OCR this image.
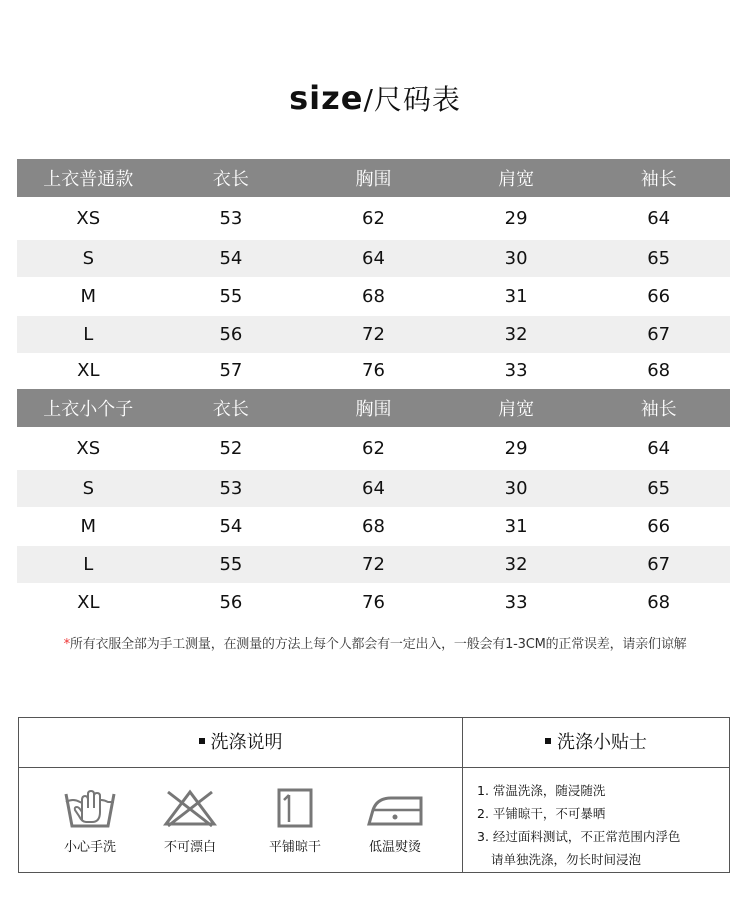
size/尺码表
上衣普通款	衣长	胸围	肩宽	袖长
XS	53	62	29	64
S	54	64	30	65
M	55	68	31	66
L	56	72	32	67
XL	57	76	33	68
上衣小个子	衣长	胸围	肩宽	袖长
XS	52	62	29	64
S	53	64	30	65
M	54	68	31	66
L	55	72	32	67
XL	56	76	33	68
*所有衣服全部为手工测量，在测量的方法上每个人都会有一定出入，一般会有1-3CM的正常误差，请亲们谅解
洗涤说明	洗涤小贴士
小心手洗	不可漂白	平铺晾干	低温熨烫
1. 常温洗涤，随浸随洗
2. 平铺晾干，不可暴晒
3. 经过面料测试，不正常范围内浮色
请单独洗涤，勿长时间浸泡
